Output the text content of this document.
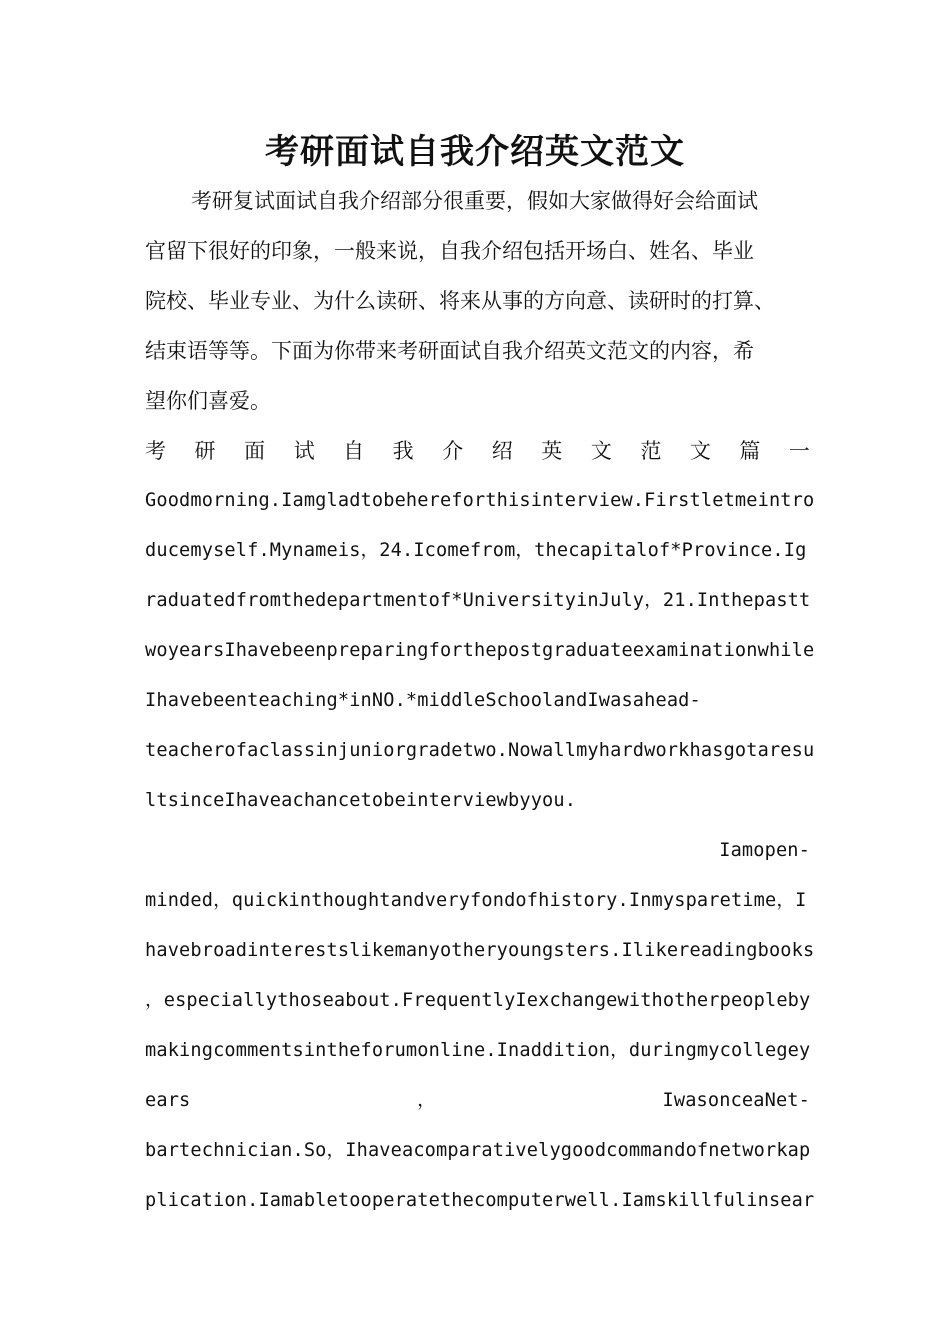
考研面试自我介绍英文范文
考研复试面试自我介绍部分很重要，假如大家做得好会给面试
官留下很好的印象，一般来说，自我介绍包括开场白、姓名、毕业
院校、毕业专业、为什么读研、将来从事的方向意、读研时的打算、
结束语等等。下面为你带来考研面试自我介绍英文范文的内容，希
望你们喜爱。
考 研 面 试 自 我 介 绍 英 文 范 文 篇 一
Goodmorning.Iamgladtobehereforthisinterview.Firstletmeintro
ducemyself.Mynameis，24.Icomefrom，thecapitalof*Province.Ig
raduatedfromthedepartmentof*UniversityinJuly，21.Inthepastt
woyearsIhavebeenpreparingforthepostgraduateexaminationwhile
Ihavebeenteaching*inNO.*middleSchoolandIwasahead-
teacherofaclassinjuniorgradetwo.Nowallmyhardworkhasgotaresu
ltsinceIhaveachancetobeinterviewbyyou.
Iamopen-
minded，quickinthoughtandveryfondofhistory.Inmysparetime，I
havebroadinterestslikemanyotheryoungsters.Ilikereadingbooks
，especiallythoseabout.FrequentlyIexchangewithotherpeopleby
makingcommentsintheforumonline.Inaddition，duringmycollegey
ears	，	IwasonceaNet-
bartechnician.So，Ihaveacomparativelygoodcommandofnetworkap
plication.Iamabletooperatethecomputerwell.Iamskillfulinsear
